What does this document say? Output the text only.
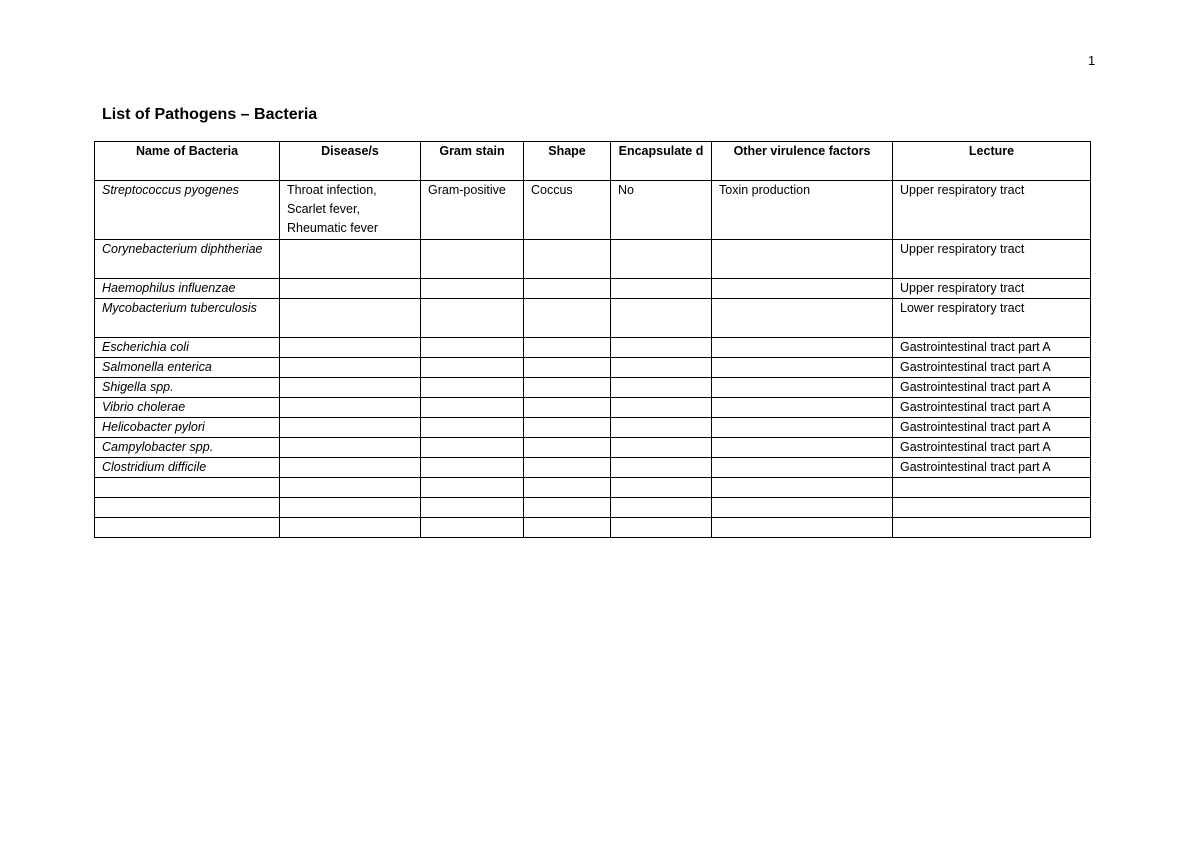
1
List of Pathogens – Bacteria
Name of Bacteria	Disease/s	Gram stain	Shape	Encapsulate d	Other virulence factors	Lecture
Streptococcus pyogenes	Throat infection, Scarlet fever, Rheumatic fever	Gram-positive	Coccus	No	Toxin production	Upper respiratory tract
Corynebacterium diphtheriae						Upper respiratory tract
Haemophilus influenzae						Upper respiratory tract
Mycobacterium tuberculosis						Lower respiratory tract
Escherichia coli						Gastrointestinal tract part A
Salmonella enterica						Gastrointestinal tract part A
Shigella spp.						Gastrointestinal tract part A
Vibrio cholerae						Gastrointestinal tract part A
Helicobacter pylori						Gastrointestinal tract part A
Campylobacter spp.						Gastrointestinal tract part A
Clostridium difficile						Gastrointestinal tract part A
